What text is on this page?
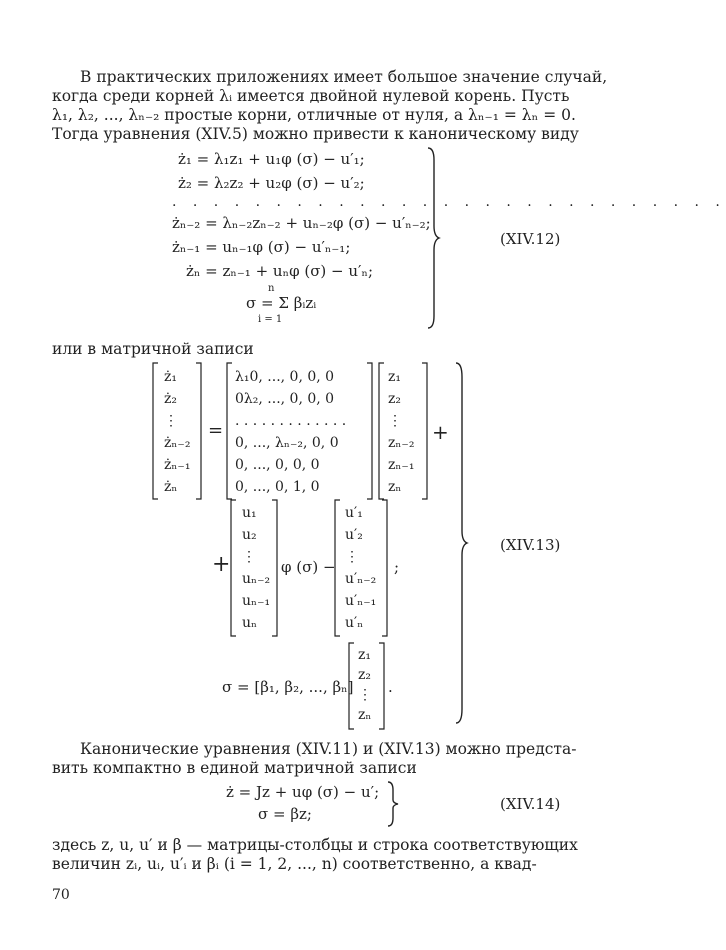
В практических приложениях имеет большое значение случай,
когда среди корней λᵢ имеется двойной нулевой корень. Пусть
λ₁, λ₂, ..., λₙ₋₂ простые корни, отличные от нуля, а λₙ₋₁ = λₙ = 0.
Тогда уравнения (XIV.5) можно привести к каноническому виду
ż₁ = λ₁z₁ + u₁φ (σ) − u′₁;
ż₂ = λ₂z₂ + u₂φ (σ) − u′₂;
. . . . . . . . . . . . . . . . . . . . . . . . . . .
żₙ₋₂ = λₙ₋₂zₙ₋₂ + uₙ₋₂φ (σ) − u′ₙ₋₂;
żₙ₋₁ = uₙ₋₁φ (σ) − u′ₙ₋₁;
żₙ = zₙ₋₁ + uₙφ (σ) − u′ₙ;
n
σ = Σ βᵢzᵢ
i = 1
(XIV.12)
или в матричной записи
ż₁
ż₂
⋮
żₙ₋₂
żₙ₋₁
żₙ
=
λ₁0, ..., 0, 0, 0
0λ₂, ..., 0, 0, 0
. . . . . . . . . . . . .
0, ..., λₙ₋₂, 0, 0
0, ..., 0, 0, 0
0, ..., 0, 1, 0
z₁
z₂
⋮
zₙ₋₂
zₙ₋₁
zₙ
+
+
u₁
u₂
⋮
uₙ₋₂
uₙ₋₁
uₙ
φ (σ) −
u′₁
u′₂
⋮
u′ₙ₋₂
u′ₙ₋₁
u′ₙ
;
σ = [β₁, β₂, ..., βₙ]
z₁
z₂
⋮
zₙ
.
(XIV.13)
Канонические уравнения (XIV.11) и (XIV.13) можно предста-
вить компактно в единой матричной записи
ż = Jz + uφ (σ) − u′;
σ = βz;
(XIV.14)
здесь z, u, u′ и β — матрицы-столбцы и строка соответствующих
величин zᵢ, uᵢ, u′ᵢ и βᵢ (i = 1, 2, ..., n) соответственно, а квад-
70
